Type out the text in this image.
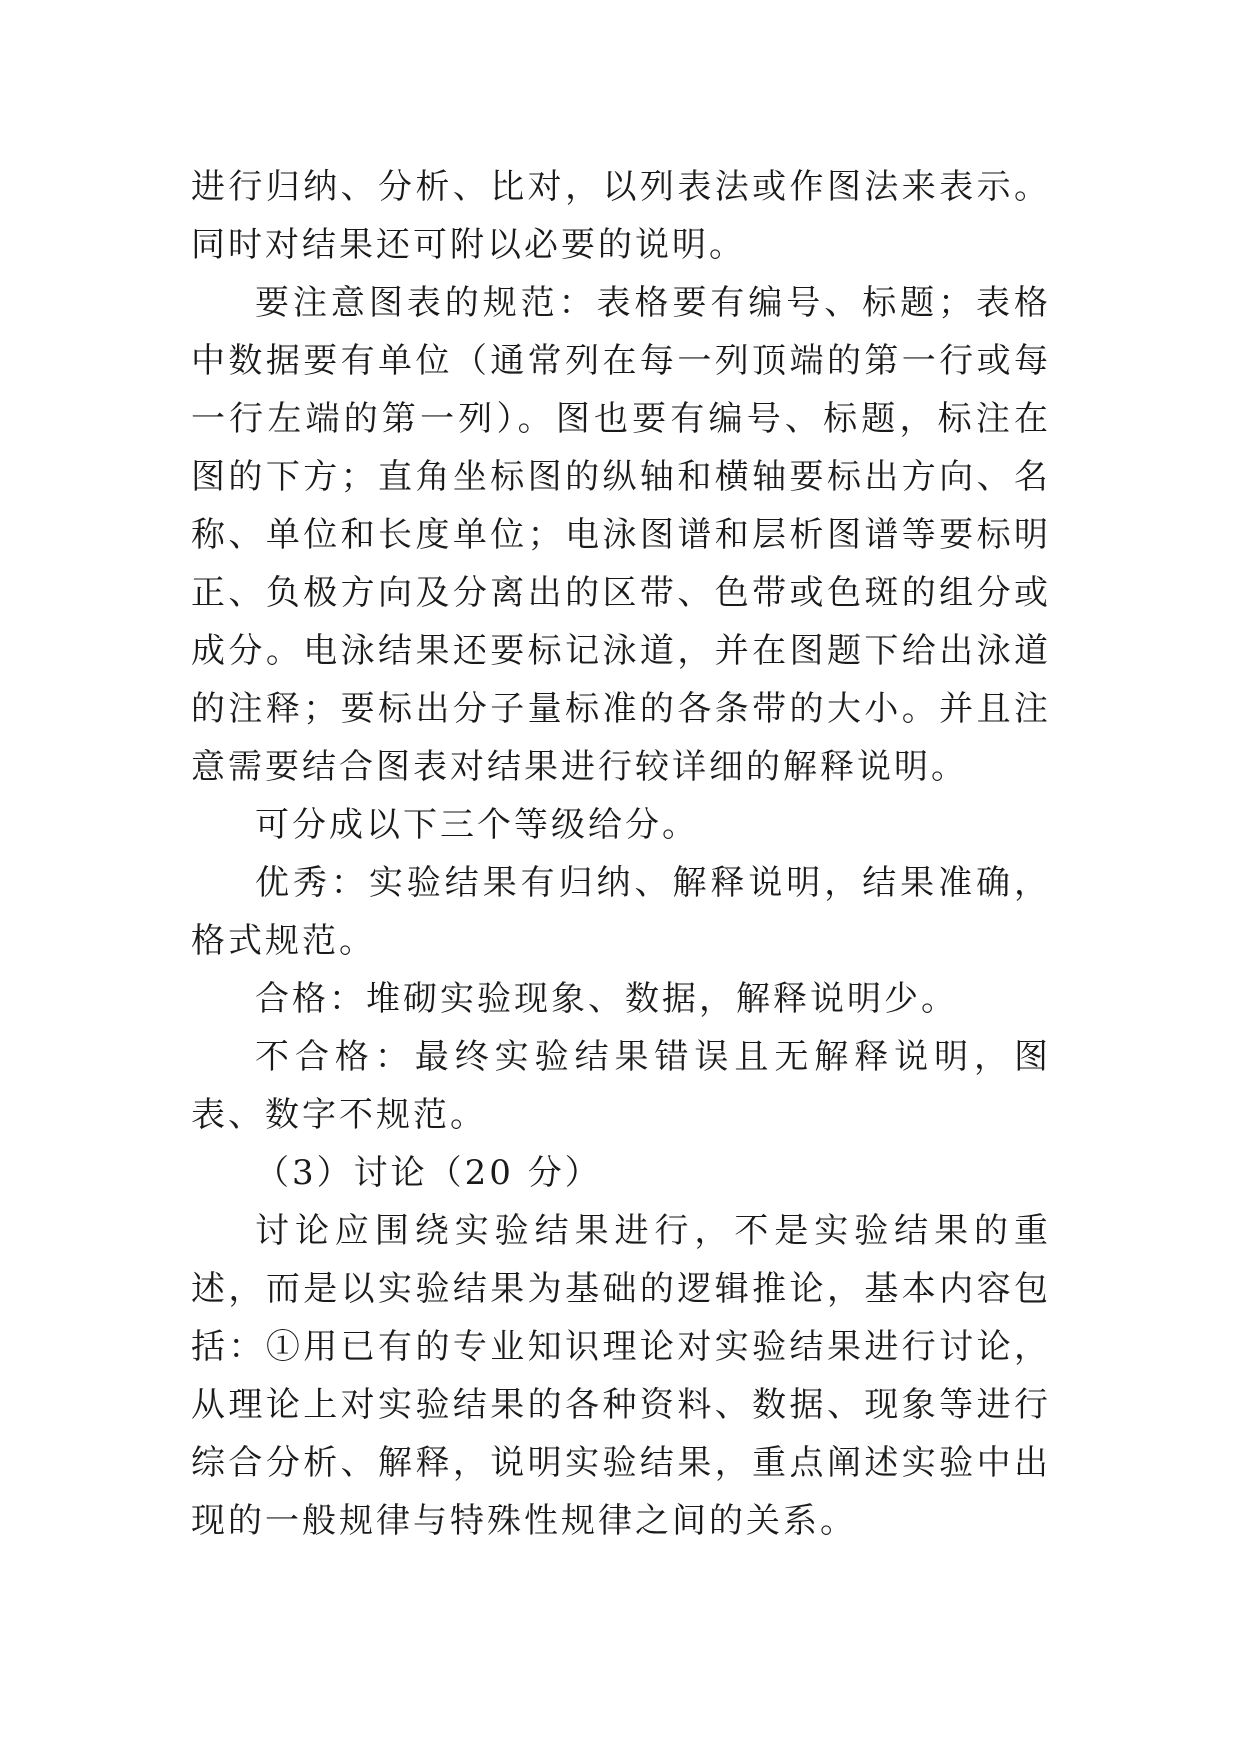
进行归纳、分析、比对，以列表法或作图法来表示。同时对结果还可附以必要的说明。

要注意图表的规范：表格要有编号、标题；表格中数据要有单位（通常列在每一列顶端的第一行或每一行左端的第一列）。图也要有编号、标题，标注在图的下方；直角坐标图的纵轴和横轴要标出方向、名称、单位和长度单位；电泳图谱和层析图谱等要标明正、负极方向及分离出的区带、色带或色斑的组分或成分。电泳结果还要标记泳道，并在图题下给出泳道的注释；要标出分子量标准的各条带的大小。并且注意需要结合图表对结果进行较详细的解释说明。

可分成以下三个等级给分。

优秀：实验结果有归纳、解释说明，结果准确，格式规范。

合格：堆砌实验现象、数据，解释说明少。

不合格：最终实验结果错误且无解释说明，图表、数字不规范。

（3）讨论（20 分）

讨论应围绕实验结果进行，不是实验结果的重述，而是以实验结果为基础的逻辑推论，基本内容包括：①用已有的专业知识理论对实验结果进行讨论，从理论上对实验结果的各种资料、数据、现象等进行综合分析、解释，说明实验结果，重点阐述实验中出现的一般规律与特殊性规律之间的关系。
